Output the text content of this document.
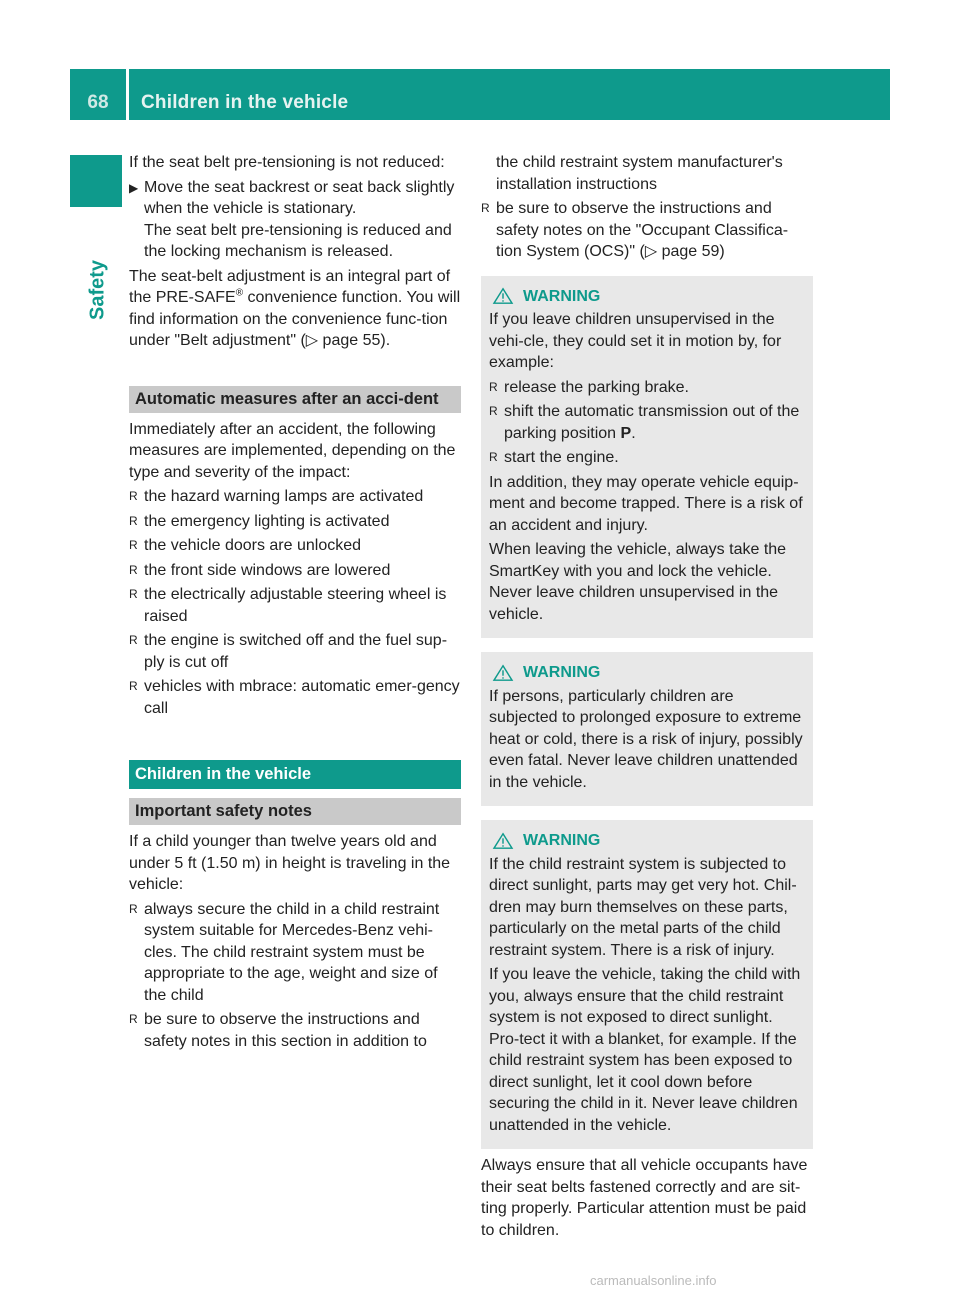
68 Children in the vehicle
Safety

If the seat belt pre-tensioning is not reduced:

▶ Move the seat backrest or seat back slightly when the vehicle is stationary.
The seat belt pre-tensioning is reduced and the locking mechanism is released.

The seat-belt adjustment is an integral part of the PRE-SAFE® convenience function. You will find information on the convenience func-tion under "Belt adjustment" (▷ page 55).

Automatic measures after an acci-dent

Immediately after an accident, the following measures are implemented, depending on the type and severity of the impact:

R the hazard warning lamps are activated
R the emergency lighting is activated
R the vehicle doors are unlocked
R the front side windows are lowered
R the electrically adjustable steering wheel is raised
R the engine is switched off and the fuel sup-ply is cut off
R vehicles with mbrace: automatic emer-gency call
Children in the vehicle
Important safety notes

If a child younger than twelve years old and under 5 ft (1.50 m) in height is traveling in the vehicle:

R always secure the child in a child restraint system suitable for Mercedes-Benz vehi-cles. The child restraint system must be appropriate to the age, weight and size of the child
R be sure to observe the instructions and safety notes in this section in addition to
the child restraint system manufacturer's installation instructions
R be sure to observe the instructions and safety notes on the "Occupant Classifica-tion System (OCS)" (▷ page 59)
WARNING

If you leave children unsupervised in the vehi-cle, they could set it in motion by, for example:

R release the parking brake.
R shift the automatic transmission out of the parking position P.
R start the engine.

In addition, they may operate vehicle equip-ment and become trapped. There is a risk of an accident and injury.

When leaving the vehicle, always take the SmartKey with you and lock the vehicle. Never leave children unsupervised in the vehicle.

WARNING

If persons, particularly children are subjected to prolonged exposure to extreme heat or cold, there is a risk of injury, possibly even fatal. Never leave children unattended in the vehicle.

WARNING

If the child restraint system is subjected to direct sunlight, parts may get very hot. Chil-dren may burn themselves on these parts, particularly on the metal parts of the child restraint system. There is a risk of injury.

If you leave the vehicle, taking the child with you, always ensure that the child restraint system is not exposed to direct sunlight. Pro-tect it with a blanket, for example. If the child restraint system has been exposed to direct sunlight, let it cool down before securing the child in it. Never leave children unattended in the vehicle.

Always ensure that all vehicle occupants have their seat belts fastened correctly and are sit-ting properly. Particular attention must be paid to children.

carmanualsonline.info
